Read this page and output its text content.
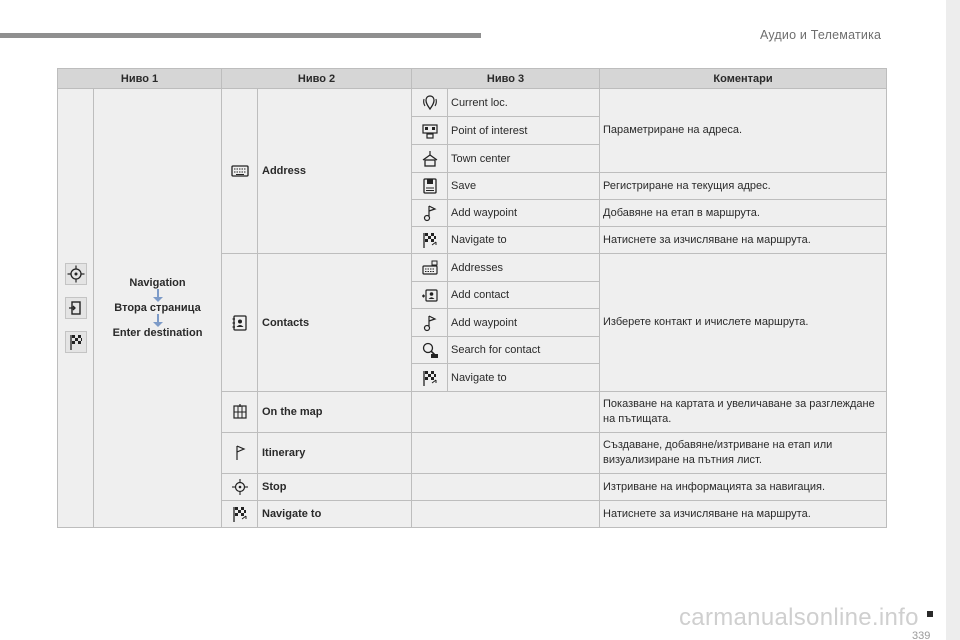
Аудио и Телематика
Ниво 1		Ниво 2		Ниво 3		Коментари

Navigation
Втора страница
Enter destination		Address		Current loc.	Параметриране на адреса.

	Point of interest	

	Town center	

	Save	Регистриране на текущия адрес.

	Add waypoint	Добавяне на етап в маршрута.

	Navigate to	Натиснете за изчисляване на маршрута.

	Contacts		Addresses	Изберете контакт и ичислете маршрута.

	Add contact	

	Add waypoint	

	Search for contact	

	Navigate to	

	On the map			Показване на картата и увеличаване за разглеждане на пътищата.

	Itinerary			Създаване, добавяне/изтриване на етап или визуализиране на пътния лист.

	Stop			Изтриване на информацията за навигация.

	Navigate to			Натиснете за изчисляване на маршрута.
carmanualsonline.info
339
